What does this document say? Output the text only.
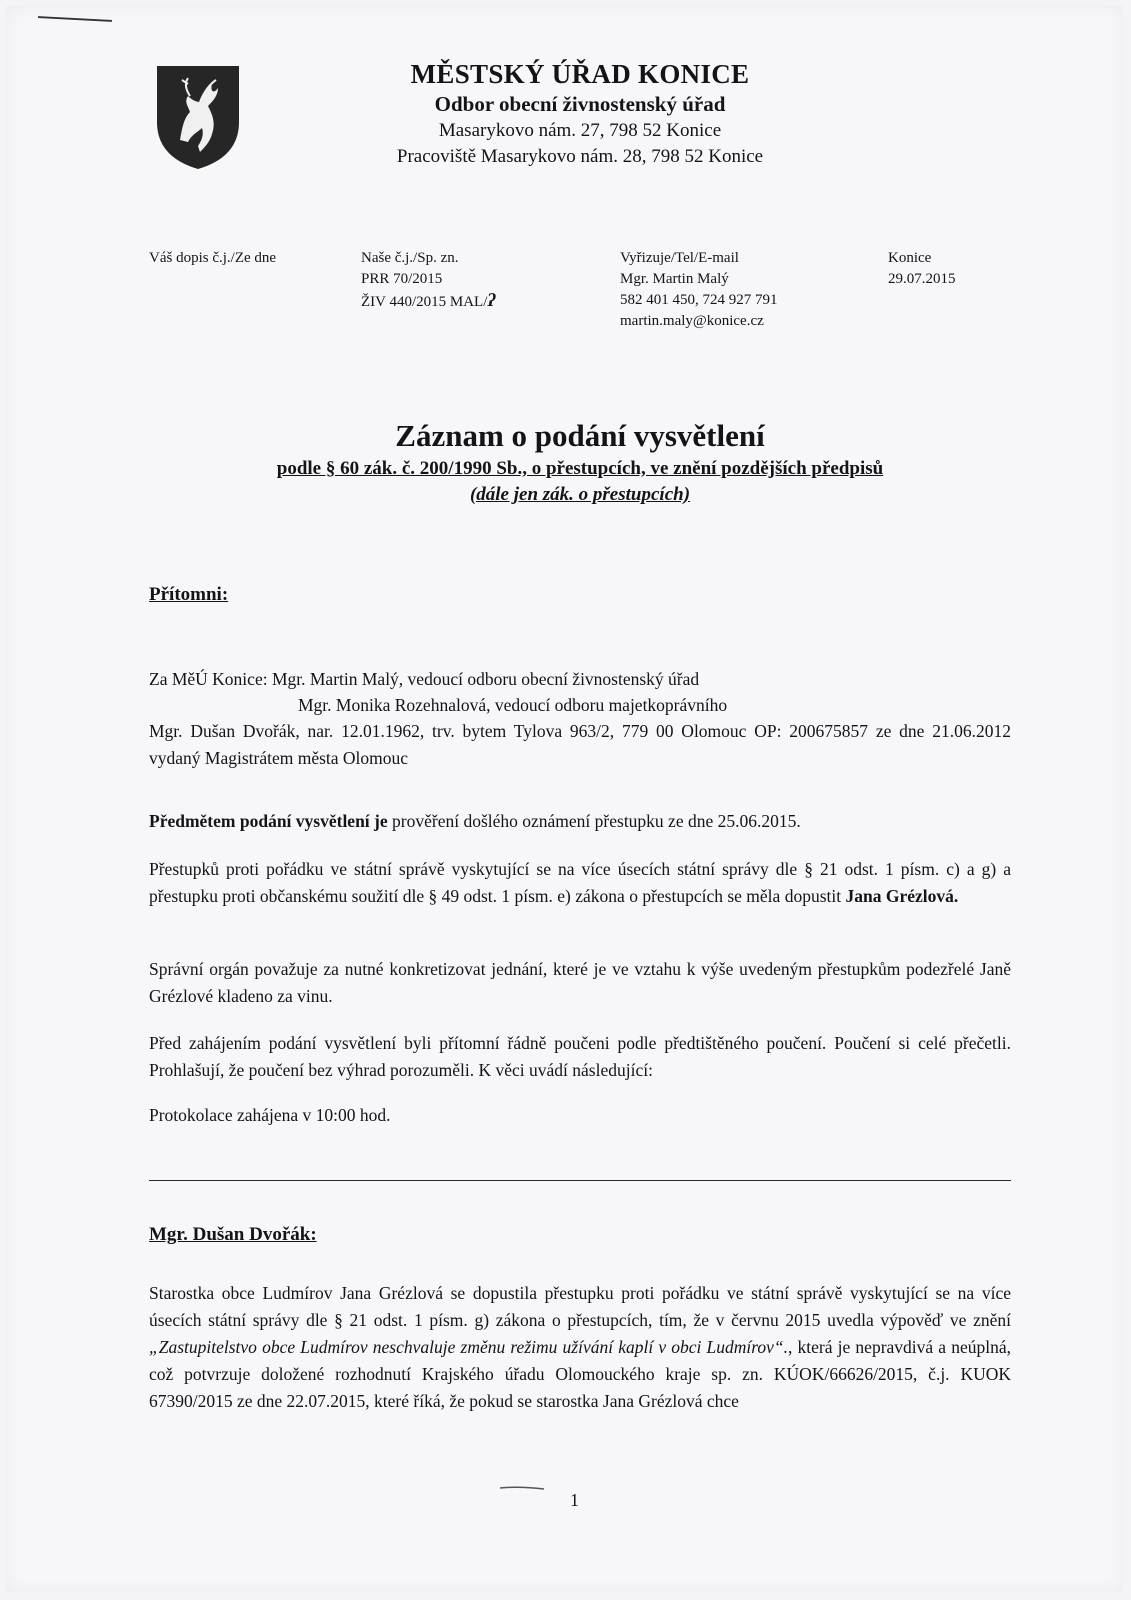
MĚSTSKÝ ÚŘAD KONICE
Odbor obecní živnostenský úřad
Masarykovo nám. 27, 798 52 Konice
Pracoviště Masarykovo nám. 28, 798 52 Konice
Váš dopis č.j./Ze dne	Naše č.j./Sp. zn.
PRR 70/2015
ŽIV 440/2015 MAL/ʔ
Vyřizuje/Tel/E-mail
Mgr. Martin Malý
582 401 450, 724 927 791
martin.maly@konice.cz
Konice
29.07.2015
Záznam o podání vysvětlení
podle § 60 zák. č. 200/1990 Sb., o přestupcích, ve znění pozdějších předpisů
(dále jen zák. o přestupcích)
Přítomni:
Za MěÚ Konice: Mgr. Martin Malý, vedoucí odboru obecní živnostenský úřad
Mgr. Monika Rozehnalová, vedoucí odboru majetkoprávního
Mgr. Dušan Dvořák, nar. 12.01.1962, trv. bytem Tylova 963/2, 779 00 Olomouc OP: 200675857 ze dne 21.06.2012 vydaný Magistrátem města Olomouc
Předmětem podání vysvětlení je prověření došlého oznámení přestupku ze dne 25.06.2015.
Přestupků proti pořádku ve státní správě vyskytující se na více úsecích státní správy dle § 21 odst. 1 písm. c) a g) a přestupku proti občanskému soužití dle § 49 odst. 1 písm. e) zákona o přestupcích se měla dopustit Jana Grézlová.
Správní orgán považuje za nutné konkretizovat jednání, které je ve vztahu k výše uvedeným přestupkům podezřelé Janě Grézlové kladeno za vinu.
Před zahájením podání vysvětlení byli přítomní řádně poučeni podle předtištěného poučení. Poučení si celé přečetli. Prohlašují, že poučení bez výhrad porozuměli. K věci uvádí následující:
Protokolace zahájena v 10:00 hod.
Mgr. Dušan Dvořák:
Starostka obce Ludmírov Jana Grézlová se dopustila přestupku proti pořádku ve státní správě vyskytující se na více úsecích státní správy dle § 21 odst. 1 písm. g) zákona o přestupcích, tím, že v červnu 2015 uvedla výpověď ve znění „Zastupitelstvo obce Ludmírov neschvaluje změnu režimu užívání kaplí v obci Ludmírov“., která je nepravdivá a neúplná, což potvrzuje doložené rozhodnutí Krajského úřadu Olomouckého kraje sp. zn. KÚOK/66626/2015, č.j. KUOK 67390/2015 ze dne 22.07.2015, které říká, že pokud se starostka Jana Grézlová chce
1
